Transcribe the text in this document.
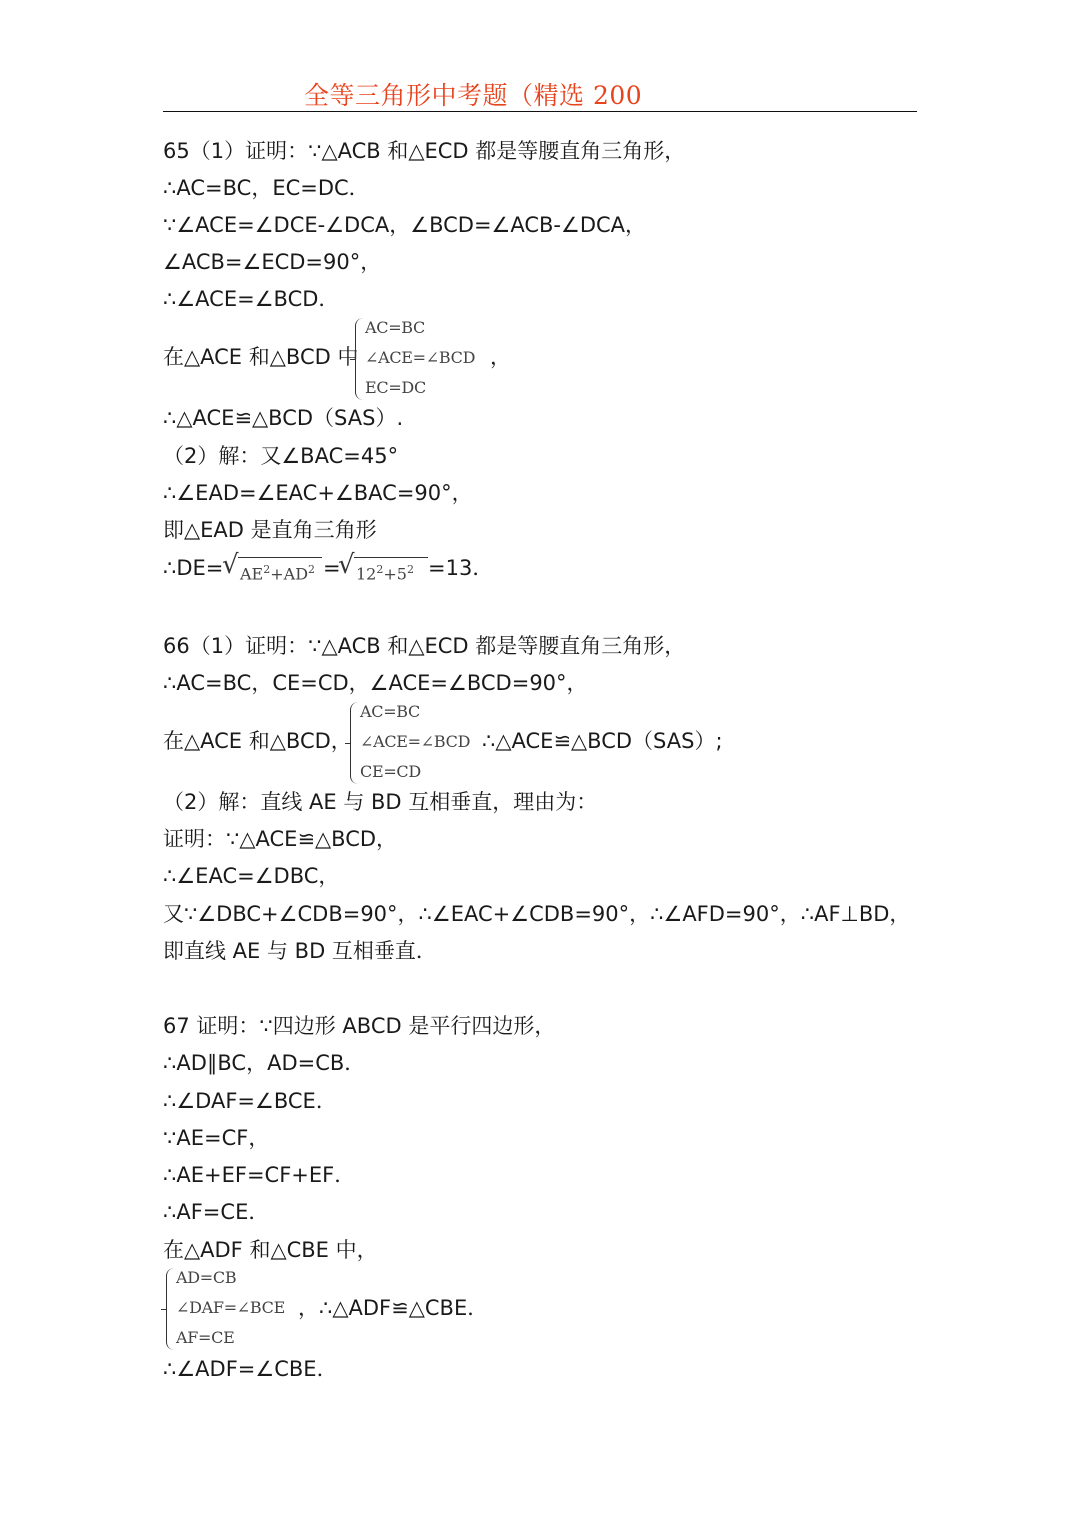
全等三角形中考题（精选 200
65（1）证明：∵△ACB 和△ECD 都是等腰直角三角形，
∴AC=BC，EC=DC．
∵∠ACE=∠DCE-∠DCA，∠BCD=∠ACB-∠DCA，
∠ACB=∠ECD=90°，
∴∠ACE=∠BCD．
在△ACE 和△BCD 中
AC=BC
∠ACE=∠BCD
EC=DC
，
∴△ACE≌△BCD（SAS）.
（2）解：又∠BAC=45°
∴∠EAD=∠EAC+∠BAC=90°，
即△EAD 是直角三角形
∴DE=
√ $AE^2+AD^2$ =
√ $12^2+5^2 =13$．
66（1）证明：∵△ACB 和△ECD 都是等腰直角三角形，
∴AC=BC，CE=CD，∠ACE=∠BCD=90°，
在△ACE 和△BCD，
AC=BC
∠ACE=∠BCD
CE=CD
∴△ACE≌△BCD（SAS）;
（2）解：直线 AE 与 BD 互相垂直，理由为：
证明：∵△ACE≌△BCD，
∴∠EAC=∠DBC，
又∵∠DBC+∠CDB=90°，∴∠EAC+∠CDB=90°，∴∠AFD=90°，∴AF⊥BD，
即直线 AE 与 BD 互相垂直．
67 证明：∵四边形 ABCD 是平行四边形，
∴AD∥BC，AD=CB．
∴∠DAF=∠BCE．
∵AE=CF，
∴AE+EF=CF+EF．
∴AF=CE．
在△ADF 和△CBE 中，
AD=CB
∠DAF=∠BCE
AF=CE
，∴△ADF≌△CBE．
∴∠ADF=∠CBE．
